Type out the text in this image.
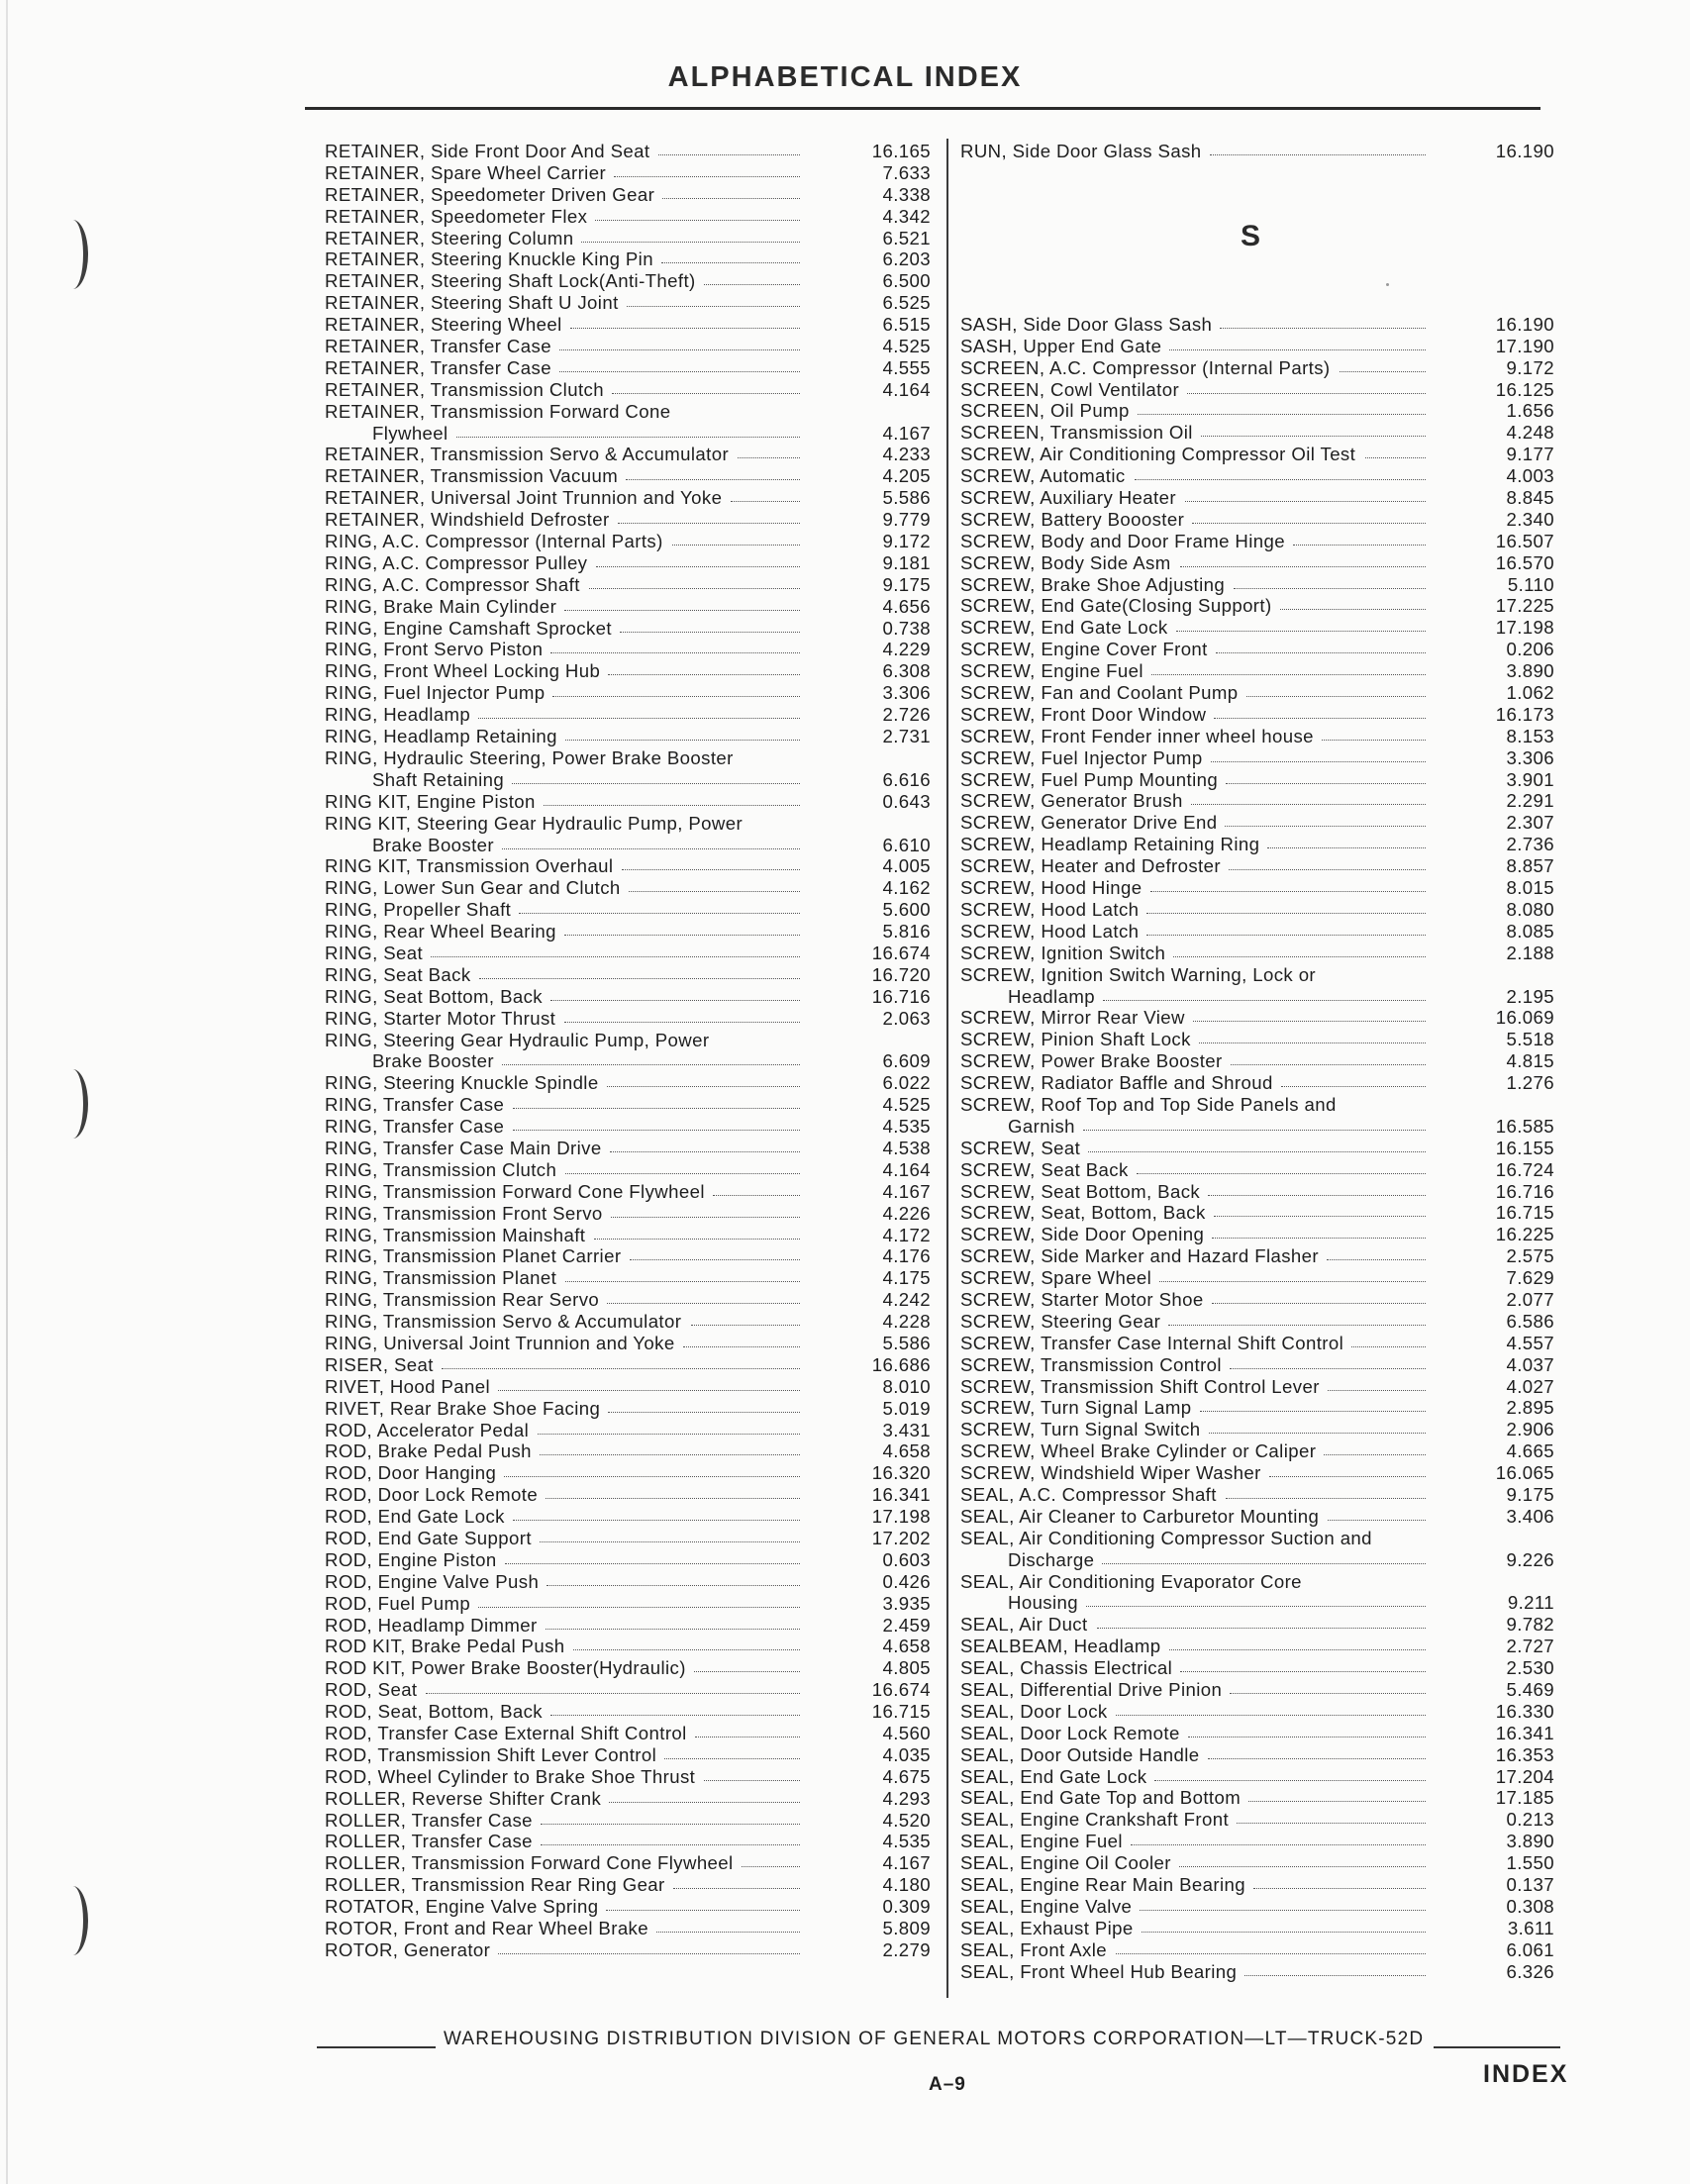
ALPHABETICAL INDEX
RETAINER, Side Front Door And Seat	16.165
RETAINER, Spare Wheel Carrier	7.633
RETAINER, Speedometer Driven Gear	4.338
RETAINER, Speedometer Flex	4.342
RETAINER, Steering Column	6.521
RETAINER, Steering Knuckle King Pin	6.203
RETAINER, Steering Shaft Lock(Anti-Theft)	6.500
RETAINER, Steering Shaft U Joint	6.525
RETAINER, Steering Wheel	6.515
RETAINER, Transfer Case	4.525
RETAINER, Transfer Case	4.555
RETAINER, Transmission Clutch	4.164
RETAINER, Transmission Forward Cone
Flywheel	4.167
RETAINER, Transmission Servo & Accumulator	4.233
RETAINER, Transmission Vacuum	4.205
RETAINER, Universal Joint Trunnion and Yoke	5.586
RETAINER, Windshield Defroster	9.779
RING, A.C. Compressor (Internal Parts)	9.172
RING, A.C. Compressor Pulley	9.181
RING, A.C. Compressor Shaft	9.175
RING, Brake Main Cylinder	4.656
RING, Engine Camshaft Sprocket	0.738
RING, Front Servo Piston	4.229
RING, Front Wheel Locking Hub	6.308
RING, Fuel Injector Pump	3.306
RING, Headlamp	2.726
RING, Headlamp Retaining	2.731
RING, Hydraulic Steering, Power Brake Booster
Shaft Retaining	6.616
RING KIT, Engine Piston	0.643
RING KIT, Steering Gear Hydraulic Pump, Power
Brake Booster	6.610
RING KIT, Transmission Overhaul	4.005
RING, Lower Sun Gear and Clutch	4.162
RING, Propeller Shaft	5.600
RING, Rear Wheel Bearing	5.816
RING, Seat	16.674
RING, Seat Back	16.720
RING, Seat Bottom, Back	16.716
RING, Starter Motor Thrust	2.063
RING, Steering Gear Hydraulic Pump, Power
Brake Booster	6.609
RING, Steering Knuckle Spindle	6.022
RING, Transfer Case	4.525
RING, Transfer Case	4.535
RING, Transfer Case Main Drive	4.538
RING, Transmission Clutch	4.164
RING, Transmission Forward Cone Flywheel	4.167
RING, Transmission Front Servo	4.226
RING, Transmission Mainshaft	4.172
RING, Transmission Planet Carrier	4.176
RING, Transmission Planet	4.175
RING, Transmission Rear Servo	4.242
RING, Transmission Servo & Accumulator	4.228
RING, Universal Joint Trunnion and Yoke	5.586
RISER, Seat	16.686
RIVET, Hood Panel	8.010
RIVET, Rear Brake Shoe Facing	5.019
ROD, Accelerator Pedal	3.431
ROD, Brake Pedal Push	4.658
ROD, Door Hanging	16.320
ROD, Door Lock Remote	16.341
ROD, End Gate Lock	17.198
ROD, End Gate Support	17.202
ROD, Engine Piston	0.603
ROD, Engine Valve Push	0.426
ROD, Fuel Pump	3.935
ROD, Headlamp Dimmer	2.459
ROD KIT, Brake Pedal Push	4.658
ROD KIT, Power Brake Booster(Hydraulic)	4.805
ROD, Seat	16.674
ROD, Seat, Bottom, Back	16.715
ROD, Transfer Case External Shift Control	4.560
ROD, Transmission Shift Lever Control	4.035
ROD, Wheel Cylinder to Brake Shoe Thrust	4.675
ROLLER, Reverse Shifter Crank	4.293
ROLLER, Transfer Case	4.520
ROLLER, Transfer Case	4.535
ROLLER, Transmission Forward Cone Flywheel	4.167
ROLLER, Transmission Rear Ring Gear	4.180
ROTATOR, Engine Valve Spring	0.309
ROTOR, Front and Rear Wheel Brake	5.809
ROTOR, Generator	2.279
RUN, Side Door Glass Sash	16.190
S
SASH, Side Door Glass Sash	16.190
SASH, Upper End Gate	17.190
SCREEN, A.C. Compressor (Internal Parts)	9.172
SCREEN, Cowl Ventilator	16.125
SCREEN, Oil Pump	1.656
SCREEN, Transmission Oil	4.248
SCREW, Air Conditioning Compressor Oil Test	9.177
SCREW, Automatic	4.003
SCREW, Auxiliary Heater	8.845
SCREW, Battery Boooster	2.340
SCREW, Body and Door Frame Hinge	16.507
SCREW, Body Side Asm	16.570
SCREW, Brake Shoe Adjusting	5.110
SCREW, End Gate(Closing Support)	17.225
SCREW, End Gate Lock	17.198
SCREW, Engine Cover Front	0.206
SCREW, Engine Fuel	3.890
SCREW, Fan and Coolant Pump	1.062
SCREW, Front Door Window	16.173
SCREW, Front Fender inner wheel house	8.153
SCREW, Fuel Injector Pump	3.306
SCREW, Fuel Pump Mounting	3.901
SCREW, Generator Brush	2.291
SCREW, Generator Drive End	2.307
SCREW, Headlamp Retaining Ring	2.736
SCREW, Heater and Defroster	8.857
SCREW, Hood Hinge	8.015
SCREW, Hood Latch	8.080
SCREW, Hood Latch	8.085
SCREW, Ignition Switch	2.188
SCREW, Ignition Switch Warning, Lock or
Headlamp	2.195
SCREW, Mirror Rear View	16.069
SCREW, Pinion Shaft Lock	5.518
SCREW, Power Brake Booster	4.815
SCREW, Radiator Baffle and Shroud	1.276
SCREW, Roof Top and Top Side Panels and
Garnish	16.585
SCREW, Seat	16.155
SCREW, Seat Back	16.724
SCREW, Seat Bottom, Back	16.716
SCREW, Seat, Bottom, Back	16.715
SCREW, Side Door Opening	16.225
SCREW, Side Marker and Hazard Flasher	2.575
SCREW, Spare Wheel	7.629
SCREW, Starter Motor Shoe	2.077
SCREW, Steering Gear	6.586
SCREW, Transfer Case Internal Shift Control	4.557
SCREW, Transmission Control	4.037
SCREW, Transmission Shift Control Lever	4.027
SCREW, Turn Signal Lamp	2.895
SCREW, Turn Signal Switch	2.906
SCREW, Wheel Brake Cylinder or Caliper	4.665
SCREW, Windshield Wiper Washer	16.065
SEAL, A.C. Compressor Shaft	9.175
SEAL, Air Cleaner to Carburetor Mounting	3.406
SEAL, Air Conditioning Compressor Suction and
Discharge	9.226
SEAL, Air Conditioning Evaporator Core
Housing	9.211
SEAL, Air Duct	9.782
SEALBEAM, Headlamp	2.727
SEAL, Chassis Electrical	2.530
SEAL, Differential Drive Pinion	5.469
SEAL, Door Lock	16.330
SEAL, Door Lock Remote	16.341
SEAL, Door Outside Handle	16.353
SEAL, End Gate Lock	17.204
SEAL, End Gate Top and Bottom	17.185
SEAL, Engine Crankshaft Front	0.213
SEAL, Engine Fuel	3.890
SEAL, Engine Oil Cooler	1.550
SEAL, Engine Rear Main Bearing	0.137
SEAL, Engine Valve	0.308
SEAL, Exhaust Pipe	3.611
SEAL, Front Axle	6.061
SEAL, Front Wheel Hub Bearing	6.326
WAREHOUSING DISTRIBUTION DIVISION OF GENERAL MOTORS CORPORATION—LT—TRUCK-52D
A–9	INDEX
